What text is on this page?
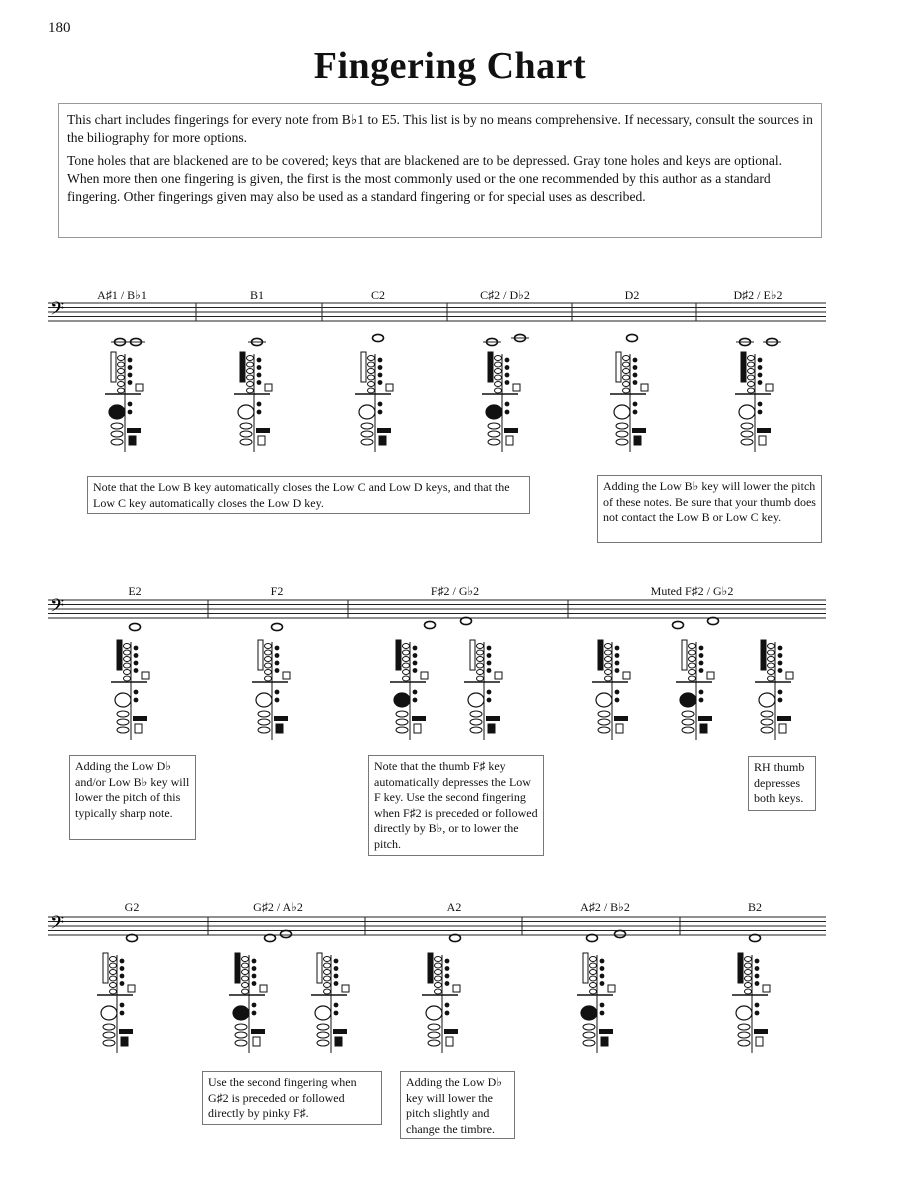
180
Fingering Chart

This chart includes fingerings for every note from B♭1 to E5. This list is by no means comprehensive. If necessary, consult the sources in the biliography for more options.

Tone holes that are blackened are to be covered; keys that are blackened are to be depressed. Gray tone holes and keys are optional. When more then one fingering is given, the first is the most commonly used or the one recommended by this author as a standard fingering. Other fingerings given may also be used as a standard fingering or for special uses as described.

A♯1 / B♭1	B1	C2	C♯2 / D♭2	D2	D♯2 / E♭2
E2	F2	F♯2 / G♭2	Muted F♯2 / G♭2
G2	G♯2 / A♭2	A2	A♯2 / B♭2	B2
𝄢
𝄢
𝄢
Note that the Low B key automatically closes the Low C and Low D keys, and that the Low C key automatically closes the Low D key.
Adding the Low B♭ key will lower the pitch of these notes. Be sure that your thumb does not contact the Low B or Low C key.
Adding the Low D♭ and/or Low B♭ key will lower the pitch of this typically sharp note.
Note that the thumb F♯ key automatically depresses the Low F key. Use the second fingering when F♯2 is preceded or followed directly by B♭, or to lower the pitch.
RH thumb depresses both keys.
Use the second fingering when G♯2 is preceded or followed directly by pinky F♯.
Adding the Low D♭ key will lower the pitch slightly and change the timbre.
